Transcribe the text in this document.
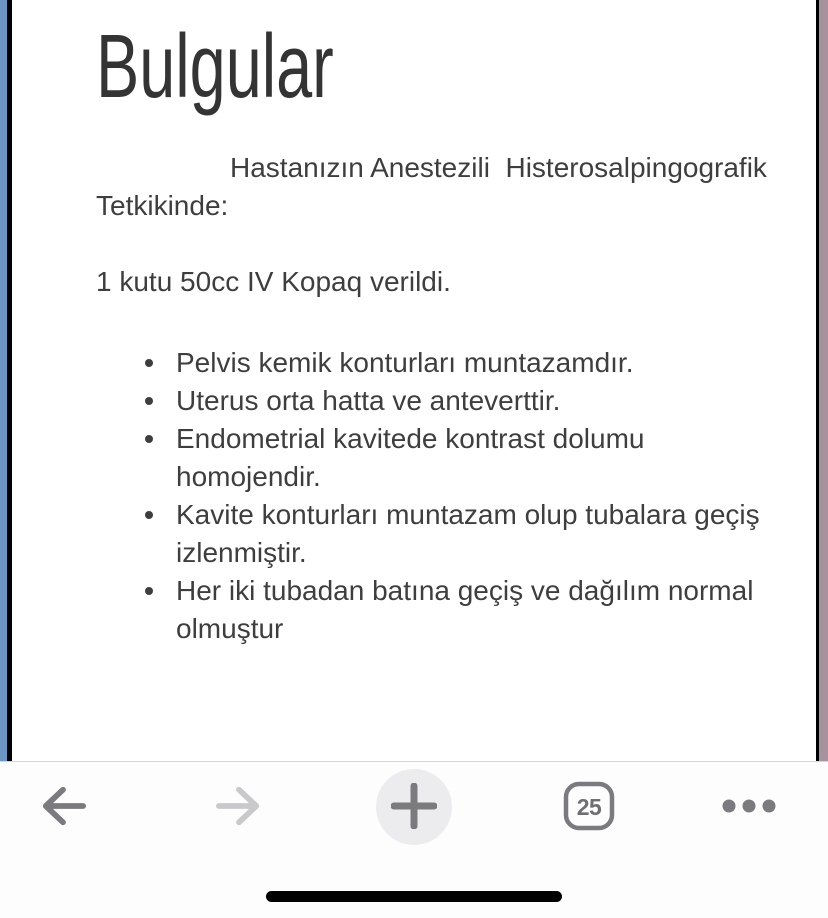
Bulgular
Hastanızın Anestezili  Histerosalpingografik
Tetkikinde:
1 kutu 50cc IV Kopaq verildi.
Pelvis kemik konturları muntazamdır.
Uterus orta hatta ve anteverttir.
Endometrial kavitede kontrast dolumu homojendir.
Kavite konturları muntazam olup tubalara geçiş izlenmiştir.
Her iki tubadan batına geçiş ve dağılım normal olmuştur
25
